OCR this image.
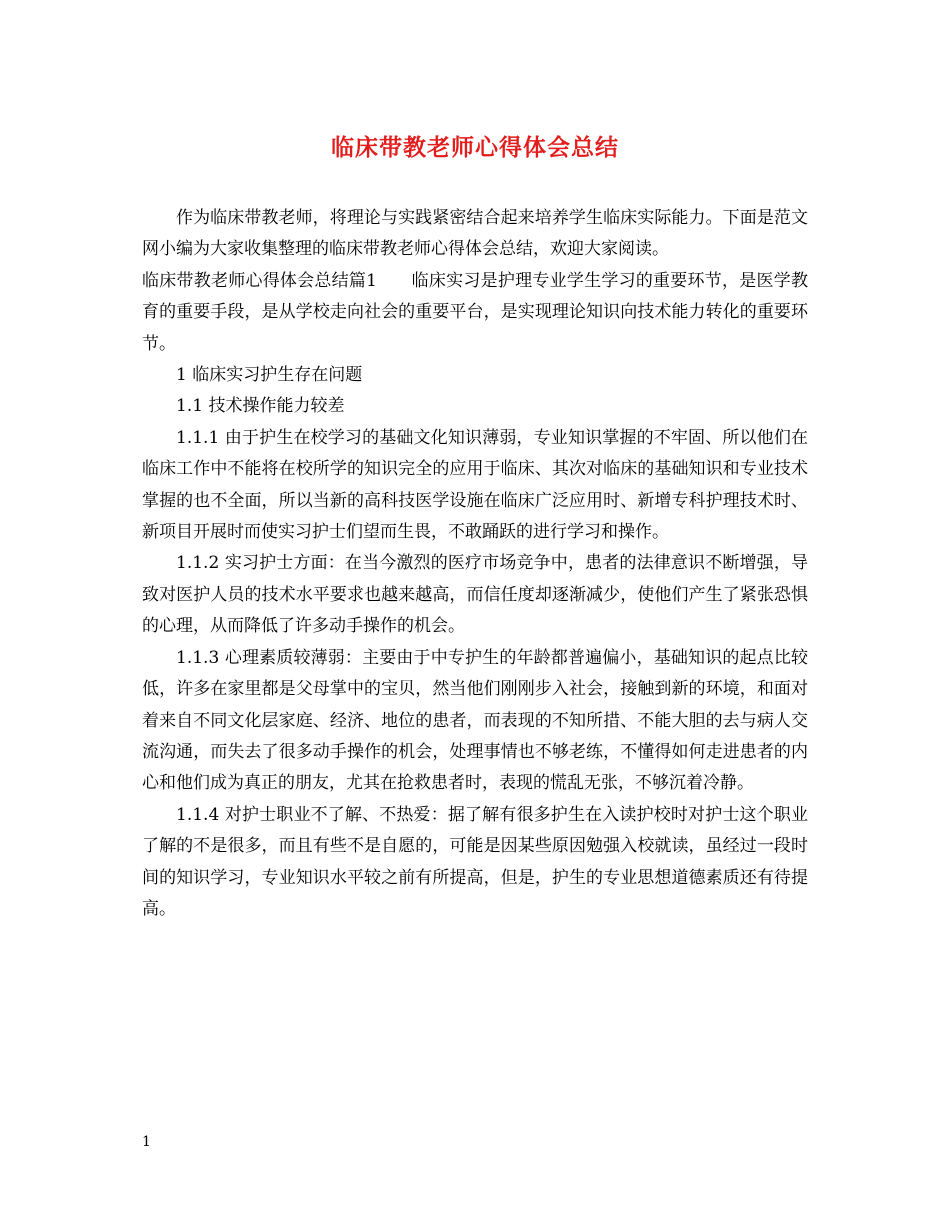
临床带教老师心得体会总结

作为临床带教老师，将理论与实践紧密结合起来培养学生临床实际能力。下面是范文网小编为大家收集整理的临床带教老师心得体会总结，欢迎大家阅读。

临床带教老师心得体会总结篇1　　临床实习是护理专业学生学习的重要环节，是医学教育的重要手段，是从学校走向社会的重要平台，是实现理论知识向技术能力转化的重要环节。

1 临床实习护生存在问题

1.1 技术操作能力较差

1.1.1 由于护生在校学习的基础文化知识薄弱，专业知识掌握的不牢固、所以他们在临床工作中不能将在校所学的知识完全的应用于临床、其次对临床的基础知识和专业技术掌握的也不全面，所以当新的高科技医学设施在临床广泛应用时、新增专科护理技术时、新项目开展时而使实习护士们望而生畏，不敢踊跃的进行学习和操作。

1.1.2 实习护士方面：在当今激烈的医疗市场竞争中，患者的法律意识不断增强，导致对医护人员的技术水平要求也越来越高，而信任度却逐渐减少，使他们产生了紧张恐惧的心理，从而降低了许多动手操作的机会。

1.1.3 心理素质较薄弱：主要由于中专护生的年龄都普遍偏小，基础知识的起点比较低，许多在家里都是父母掌中的宝贝，然当他们刚刚步入社会，接触到新的环境，和面对着来自不同文化层家庭、经济、地位的患者，而表现的不知所措、不能大胆的去与病人交流沟通，而失去了很多动手操作的机会，处理事情也不够老练，不懂得如何走进患者的内心和他们成为真正的朋友，尤其在抢救患者时，表现的慌乱无张，不够沉着冷静。

1.1.4 对护士职业不了解、不热爱：据了解有很多护生在入读护校时对护士这个职业了解的不是很多，而且有些不是自愿的，可能是因某些原因勉强入校就读，虽经过一段时间的知识学习，专业知识水平较之前有所提高，但是，护生的专业思想道德素质还有待提高。

1
